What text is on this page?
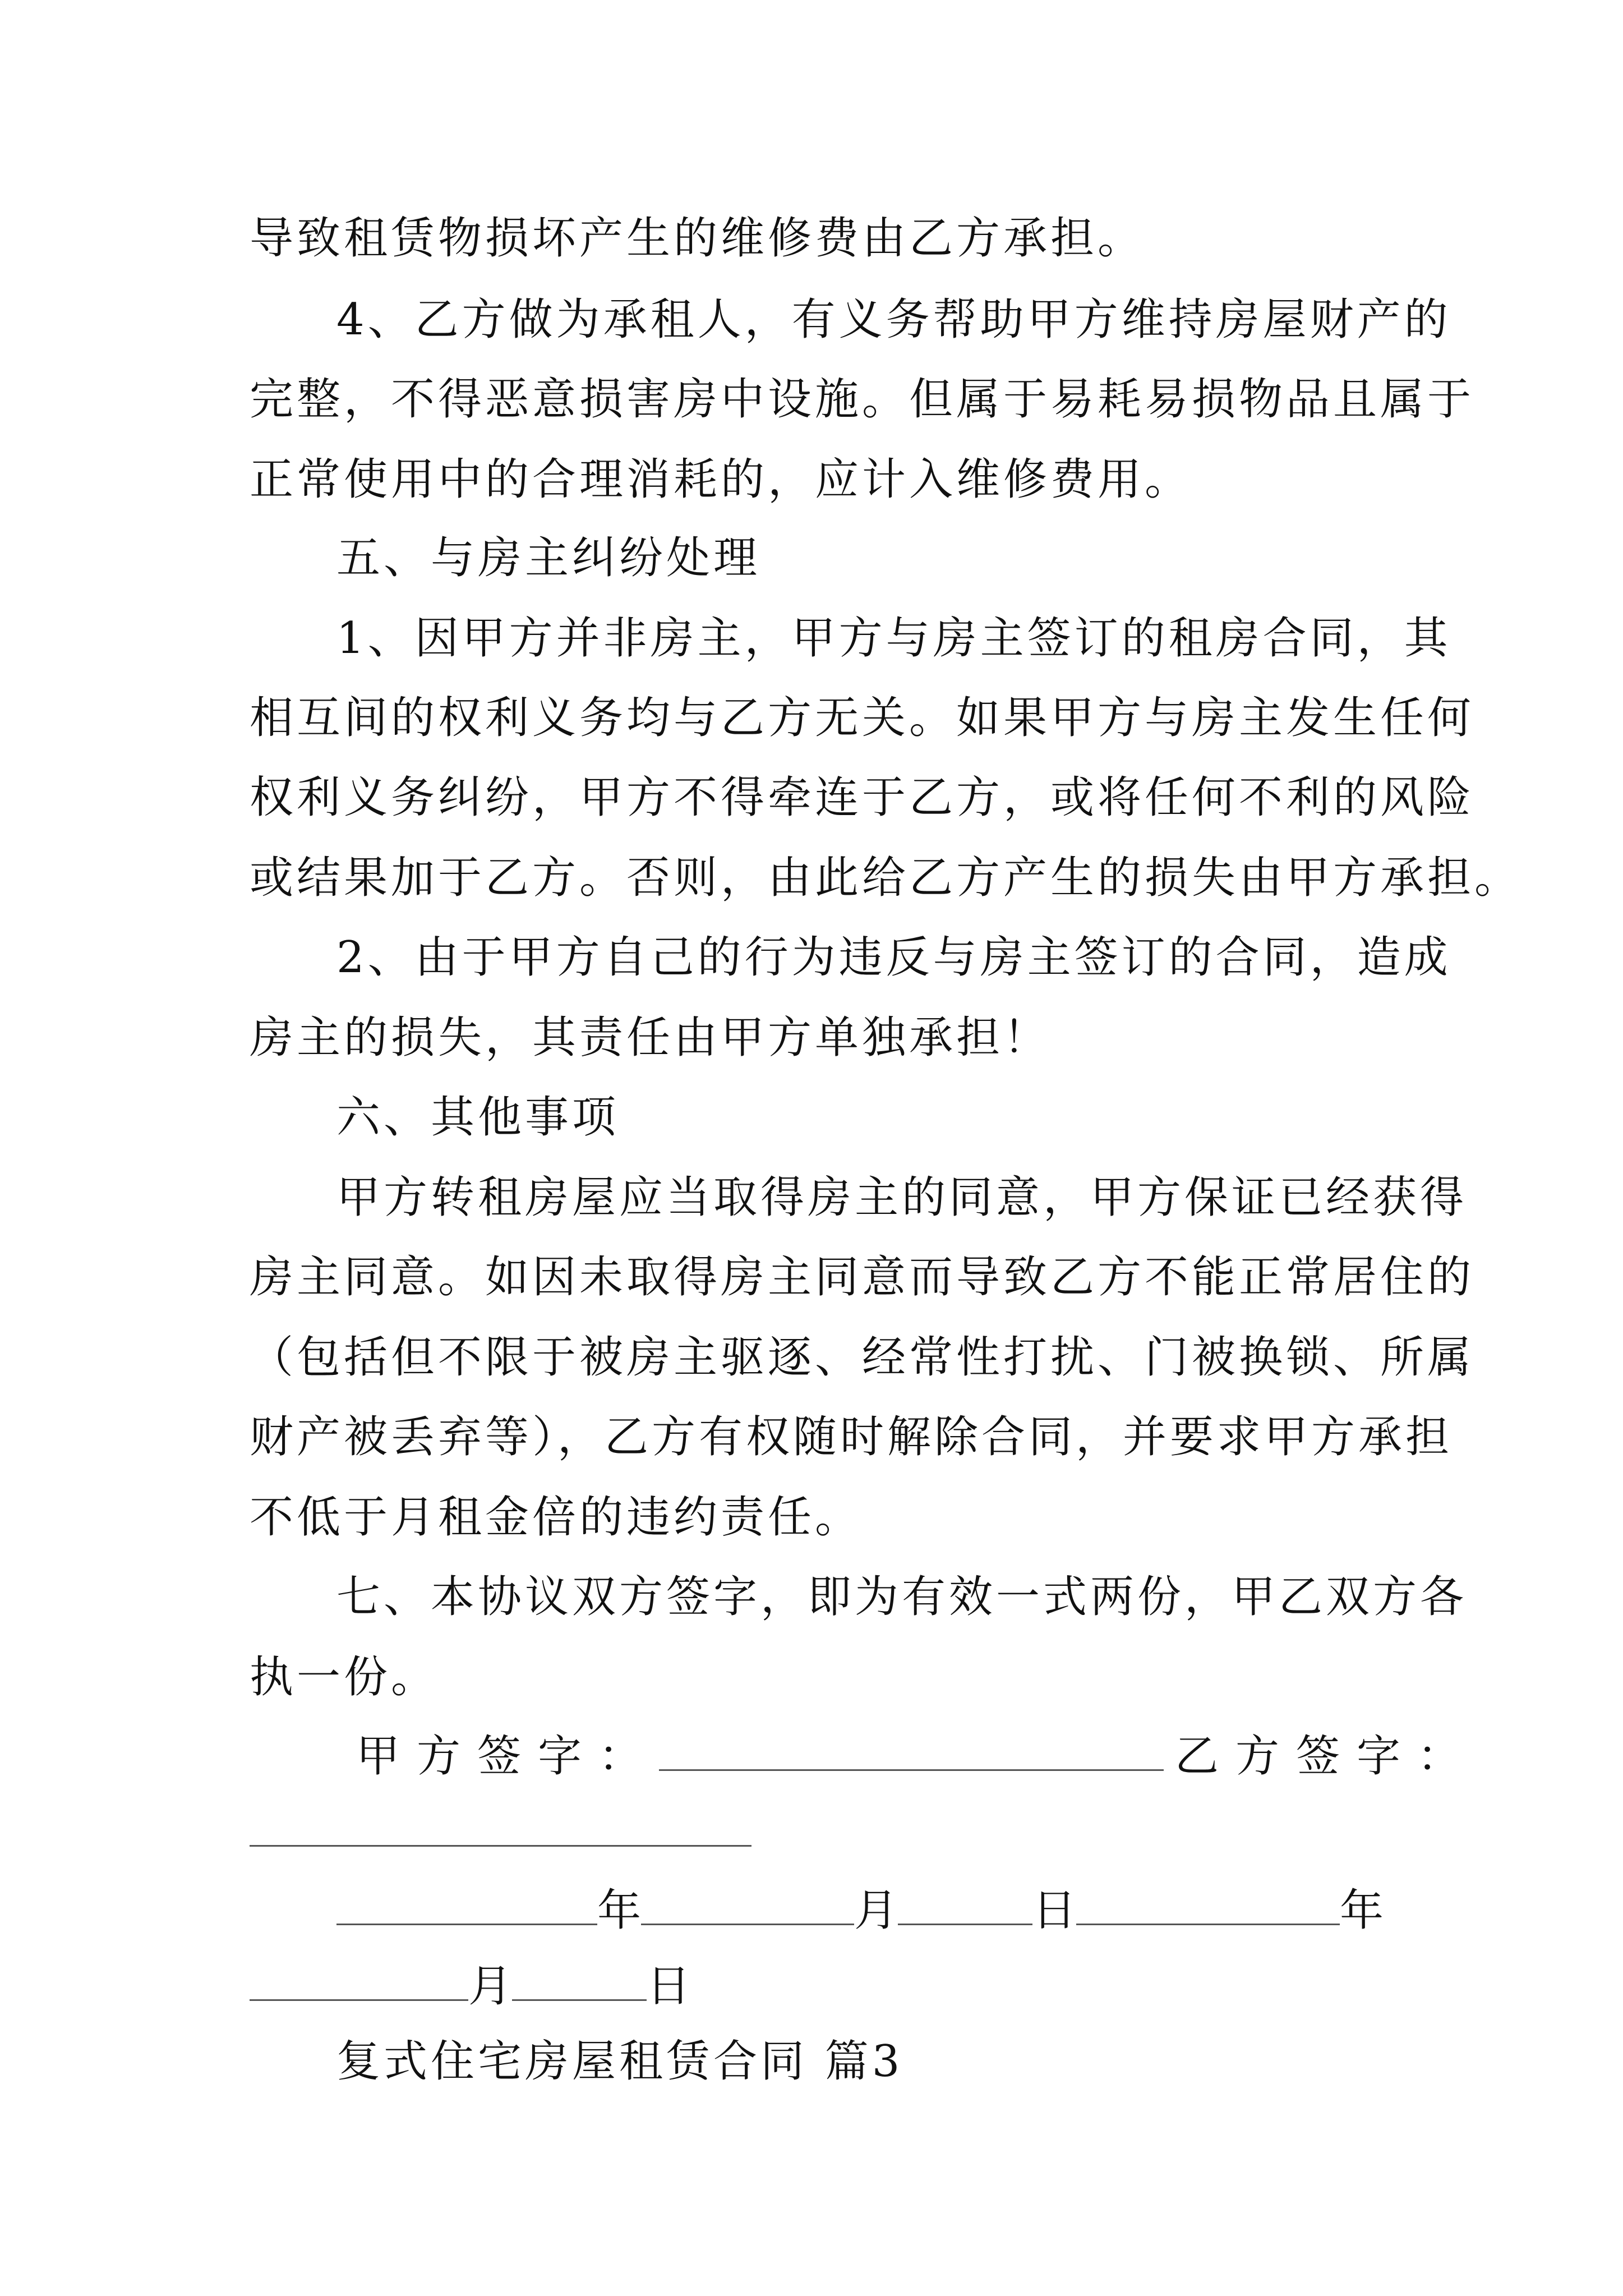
导致租赁物损坏产生的维修费由乙方承担。
4、乙方做为承租人，有义务帮助甲方维持房屋财产的
完整，不得恶意损害房中设施。但属于易耗易损物品且属于
正常使用中的合理消耗的，应计入维修费用。
五、与房主纠纷处理
1、因甲方并非房主，甲方与房主签订的租房合同，其
相互间的权利义务均与乙方无关。如果甲方与房主发生任何
权利义务纠纷，甲方不得牵连于乙方，或将任何不利的风险
或结果加于乙方。否则，由此给乙方产生的损失由甲方承担。
2、由于甲方自己的行为违反与房主签订的合同，造成
房主的损失，其责任由甲方单独承担！
六、其他事项
甲方转租房屋应当取得房主的同意，甲方保证已经获得
房主同意。如因未取得房主同意而导致乙方不能正常居住的
（包括但不限于被房主驱逐、经常性打扰、门被换锁、所属
财产被丢弃等），乙方有权随时解除合同，并要求甲方承担
不低于月租金倍的违约责任。
七、本协议双方签字，即为有效一式两份，甲乙双方各
执一份。
甲方签字：	乙方签字：
年	月	日	年
月	日
复式住宅房屋租赁合同 篇3
